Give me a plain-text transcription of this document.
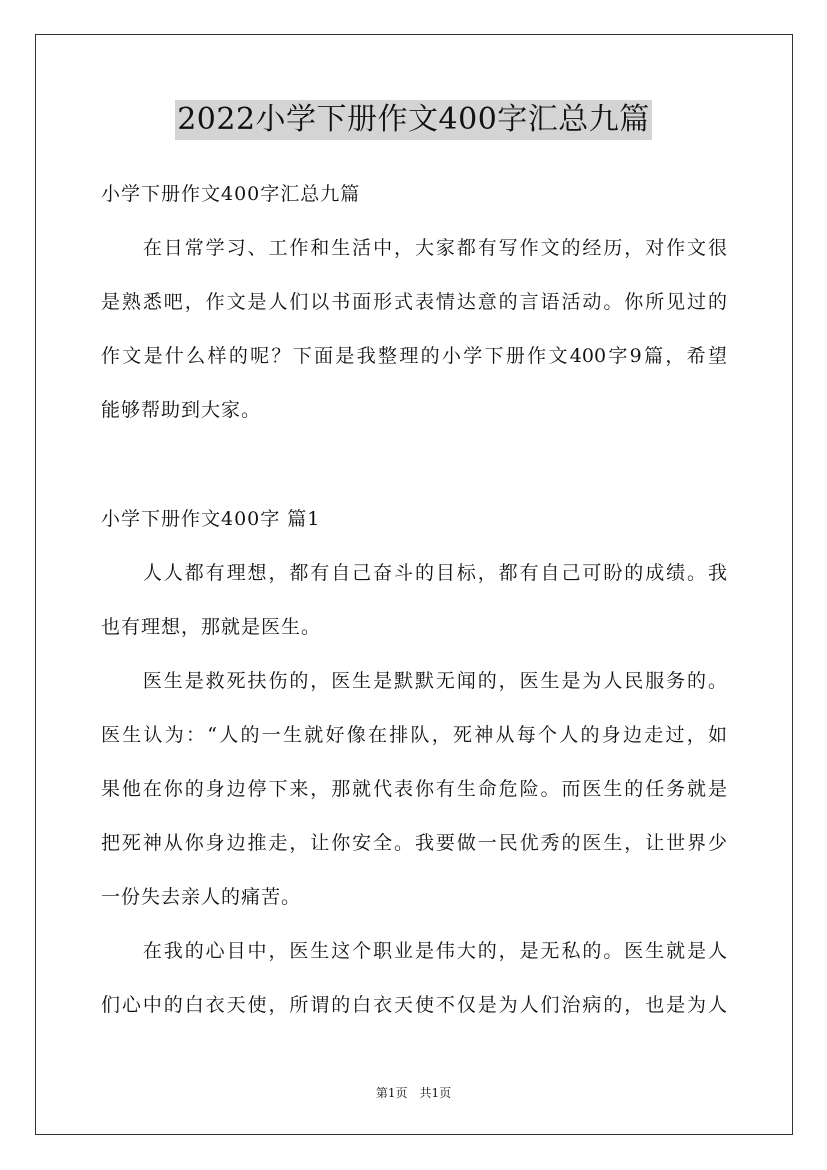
2022小学下册作文400字汇总九篇
小学下册作文400字汇总九篇
　　在日常学习、工作和生活中，大家都有写作文的经历，对作文很
是熟悉吧，作文是人们以书面形式表情达意的言语活动。你所见过的
作文是什么样的呢？下面是我整理的小学下册作文400字9篇，希望
能够帮助到大家。
小学下册作文400字 篇1
　　人人都有理想，都有自己奋斗的目标，都有自己可盼的成绩。我
也有理想，那就是医生。
　　医生是救死扶伤的，医生是默默无闻的，医生是为人民服务的。
医生认为：“人的一生就好像在排队，死神从每个人的身边走过，如
果他在你的身边停下来，那就代表你有生命危险。而医生的任务就是
把死神从你身边推走，让你安全。我要做一民优秀的医生，让世界少
一份失去亲人的痛苦。
　　在我的心目中，医生这个职业是伟大的，是无私的。医生就是人
们心中的白衣天使，所谓的白衣天使不仅是为人们治病的，也是为人
第1页　共1页
